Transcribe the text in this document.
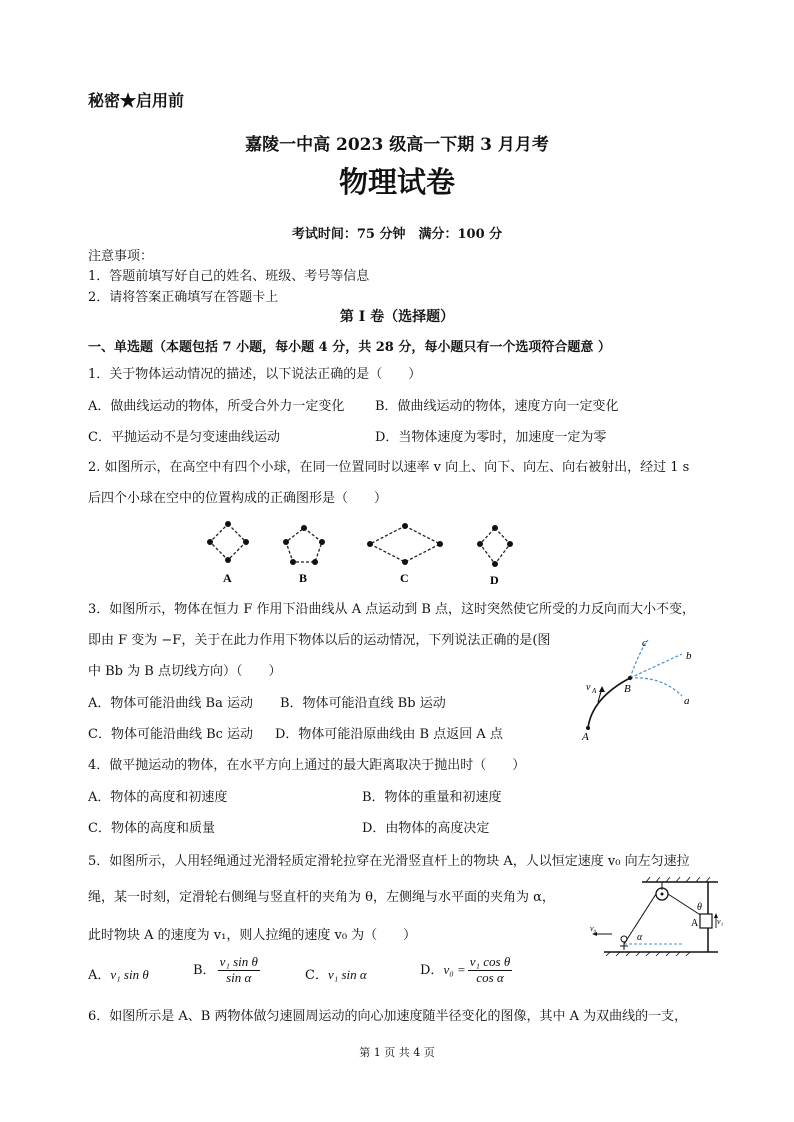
秘密★启用前
嘉陵一中高 2023 级高一下期 3 月月考
物理试卷
考试时间：75 分钟　满分：100 分
注意事项：
1．答题前填写好自己的姓名、班级、考号等信息
2．请将答案正确填写在答题卡上
第 I 卷（选择题）
一、单选题（本题包括 7 小题，每小题 4 分，共 28 分，每小题只有一个选项符合题意 ）
1．关于物体运动情况的描述，以下说法正确的是（　　）
A．做曲线运动的物体，所受合外力一定变化 B．做曲线运动的物体，速度方向一定变化
C．平抛运动不是匀变速曲线运动	D．当物体速度为零时，加速度一定为零
2. 如图所示，在高空中有四个小球，在同一位置同时以速率 v 向上、向下、向左、向右被射出，经过 1 s
后四个小球在空中的位置构成的正确图形是（　　）
A	B	C	D
3．如图所示，物体在恒力 F 作用下沿曲线从 A 点运动到 B 点，这时突然使它所受的力反向而大小不变，
即由 F 变为 −F，关于在此力作用下物体以后的运动情况，下列说法正确的是(图
中 Bb 为 B 点切线方向）（　　）
A．物体可能沿曲线 Ba 运动 B．物体可能沿直线 Bb 运动
C．物体可能沿曲线 Bc 运动 D．物体可能沿原曲线由 B 点返回 A 点
c
b
a
B
A
v A
4．做平抛运动的物体，在水平方向上通过的最大距离取决于抛出时（　　）
A．物体的高度和初速度	B．物体的重量和初速度
C．物体的高度和质量	D．由物体的高度决定
5．如图所示，人用轻绳通过光滑轻质定滑轮拉穿在光滑竖直杆上的物块 A，人以恒定速度 v₀ 向左匀速拉
绳，某一时刻，定滑轮右侧绳与竖直杆的夹角为 θ，左侧绳与水平面的夹角为 α，
此时物块 A 的速度为 v₁，则人拉绳的速度 v₀ 为（　　）
A．v₁ sin θ	B． $\frac{\text{v₁ sin θ}}{\text{sin α}}$	C．v₁ sin α	D．$v_0 = \frac{\text{v₁ cos θ}}{\text{cos α}}$
θ
α
A v₁
v₀
6．如图所示是 A、B 两物体做匀速圆周运动的向心加速度随半径变化的图像，其中 A 为双曲线的一支，
第 1 页 共 4 页
